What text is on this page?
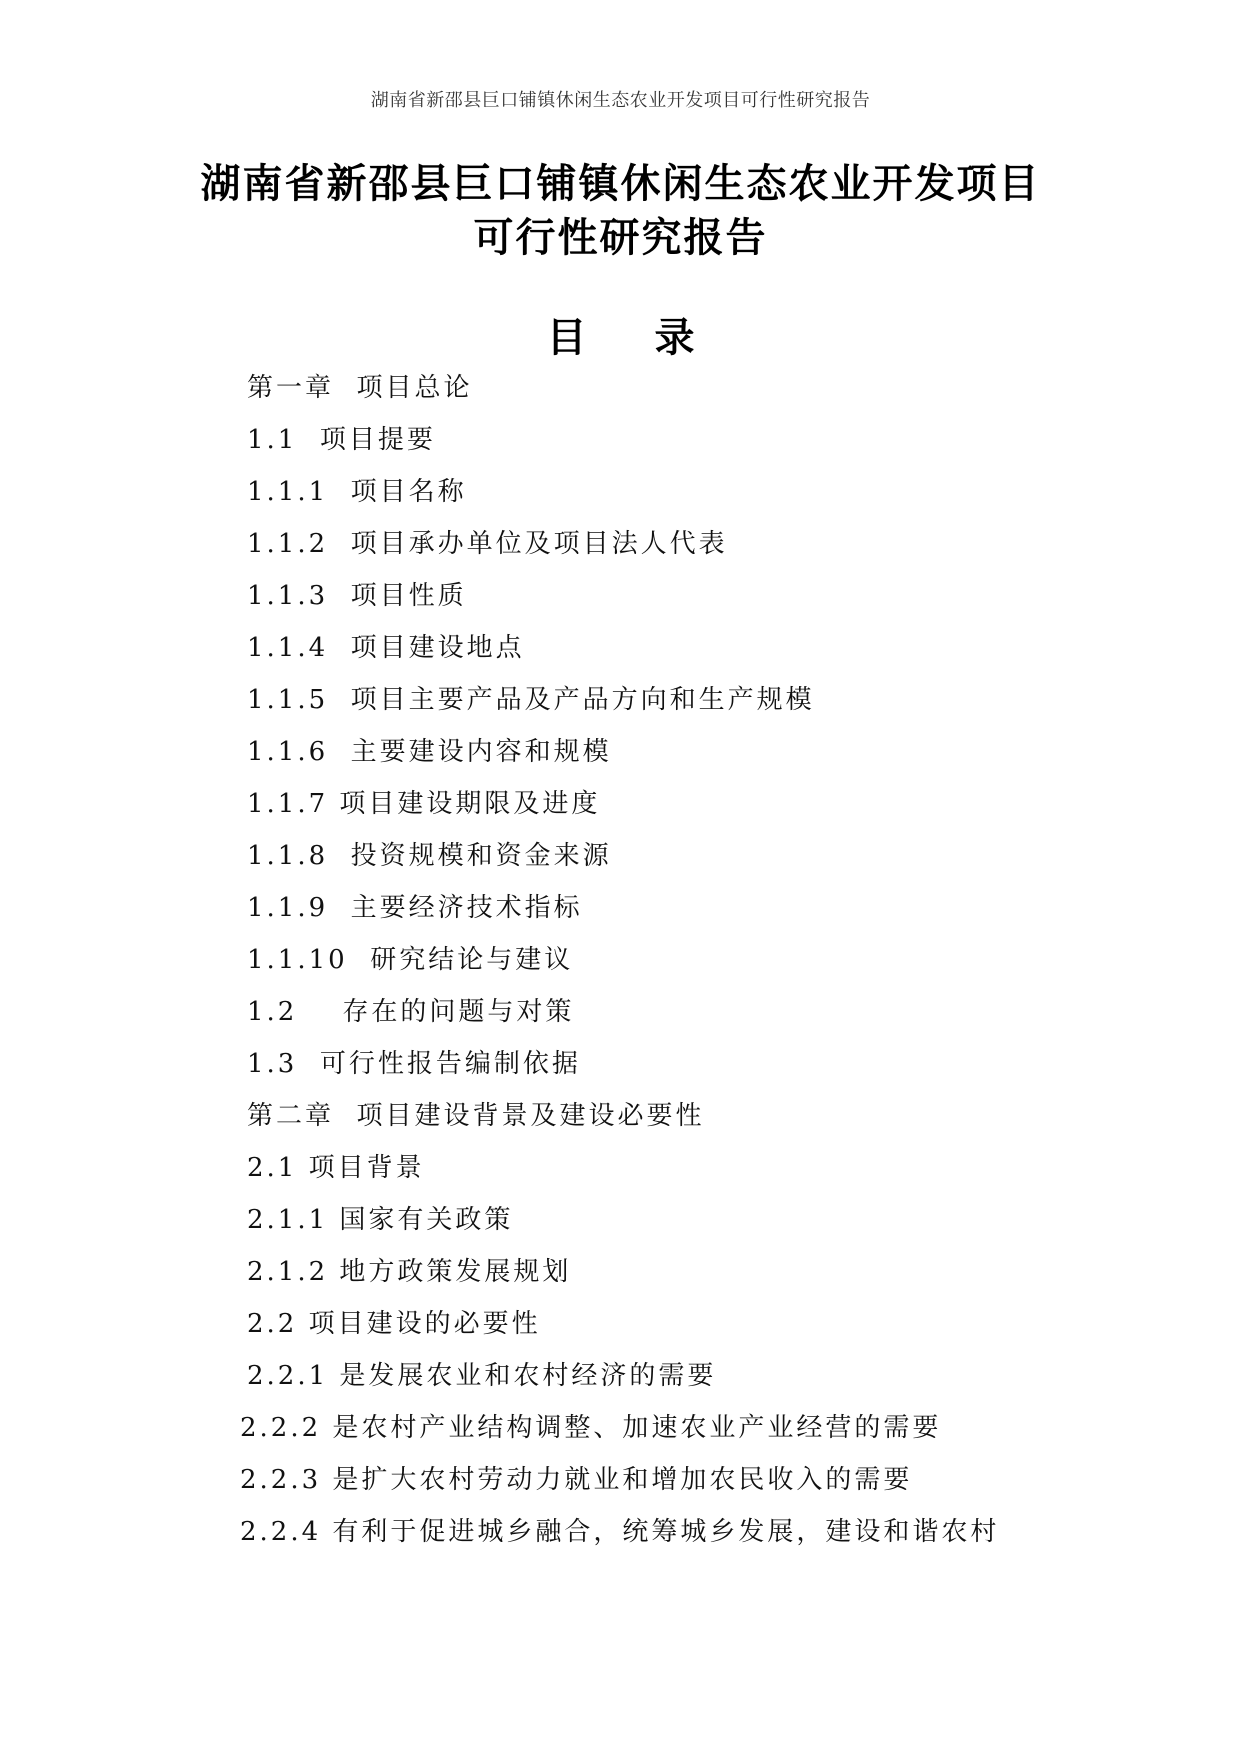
湖南省新邵县巨口铺镇休闲生态农业开发项目可行性研究报告
湖南省新邵县巨口铺镇休闲生态农业开发项目
可行性研究报告
目 录
第一章  项目总论
1.1  项目提要
1.1.1  项目名称
1.1.2  项目承办单位及项目法人代表
1.1.3  项目性质
1.1.4  项目建设地点
1.1.5  项目主要产品及产品方向和生产规模
1.1.6  主要建设内容和规模
1.1.7 项目建设期限及进度
1.1.8  投资规模和资金来源
1.1.9  主要经济技术指标
1.1.10  研究结论与建议
1.2    存在的问题与对策
1.3  可行性报告编制依据
第二章  项目建设背景及建设必要性
2.1 项目背景
2.1.1 国家有关政策
2.1.2 地方政策发展规划
2.2 项目建设的必要性
2.2.1 是发展农业和农村经济的需要
2.2.2 是农村产业结构调整、加速农业产业经营的需要
2.2.3 是扩大农村劳动力就业和增加农民收入的需要
2.2.4 有利于促进城乡融合，统筹城乡发展，建设和谐农村
